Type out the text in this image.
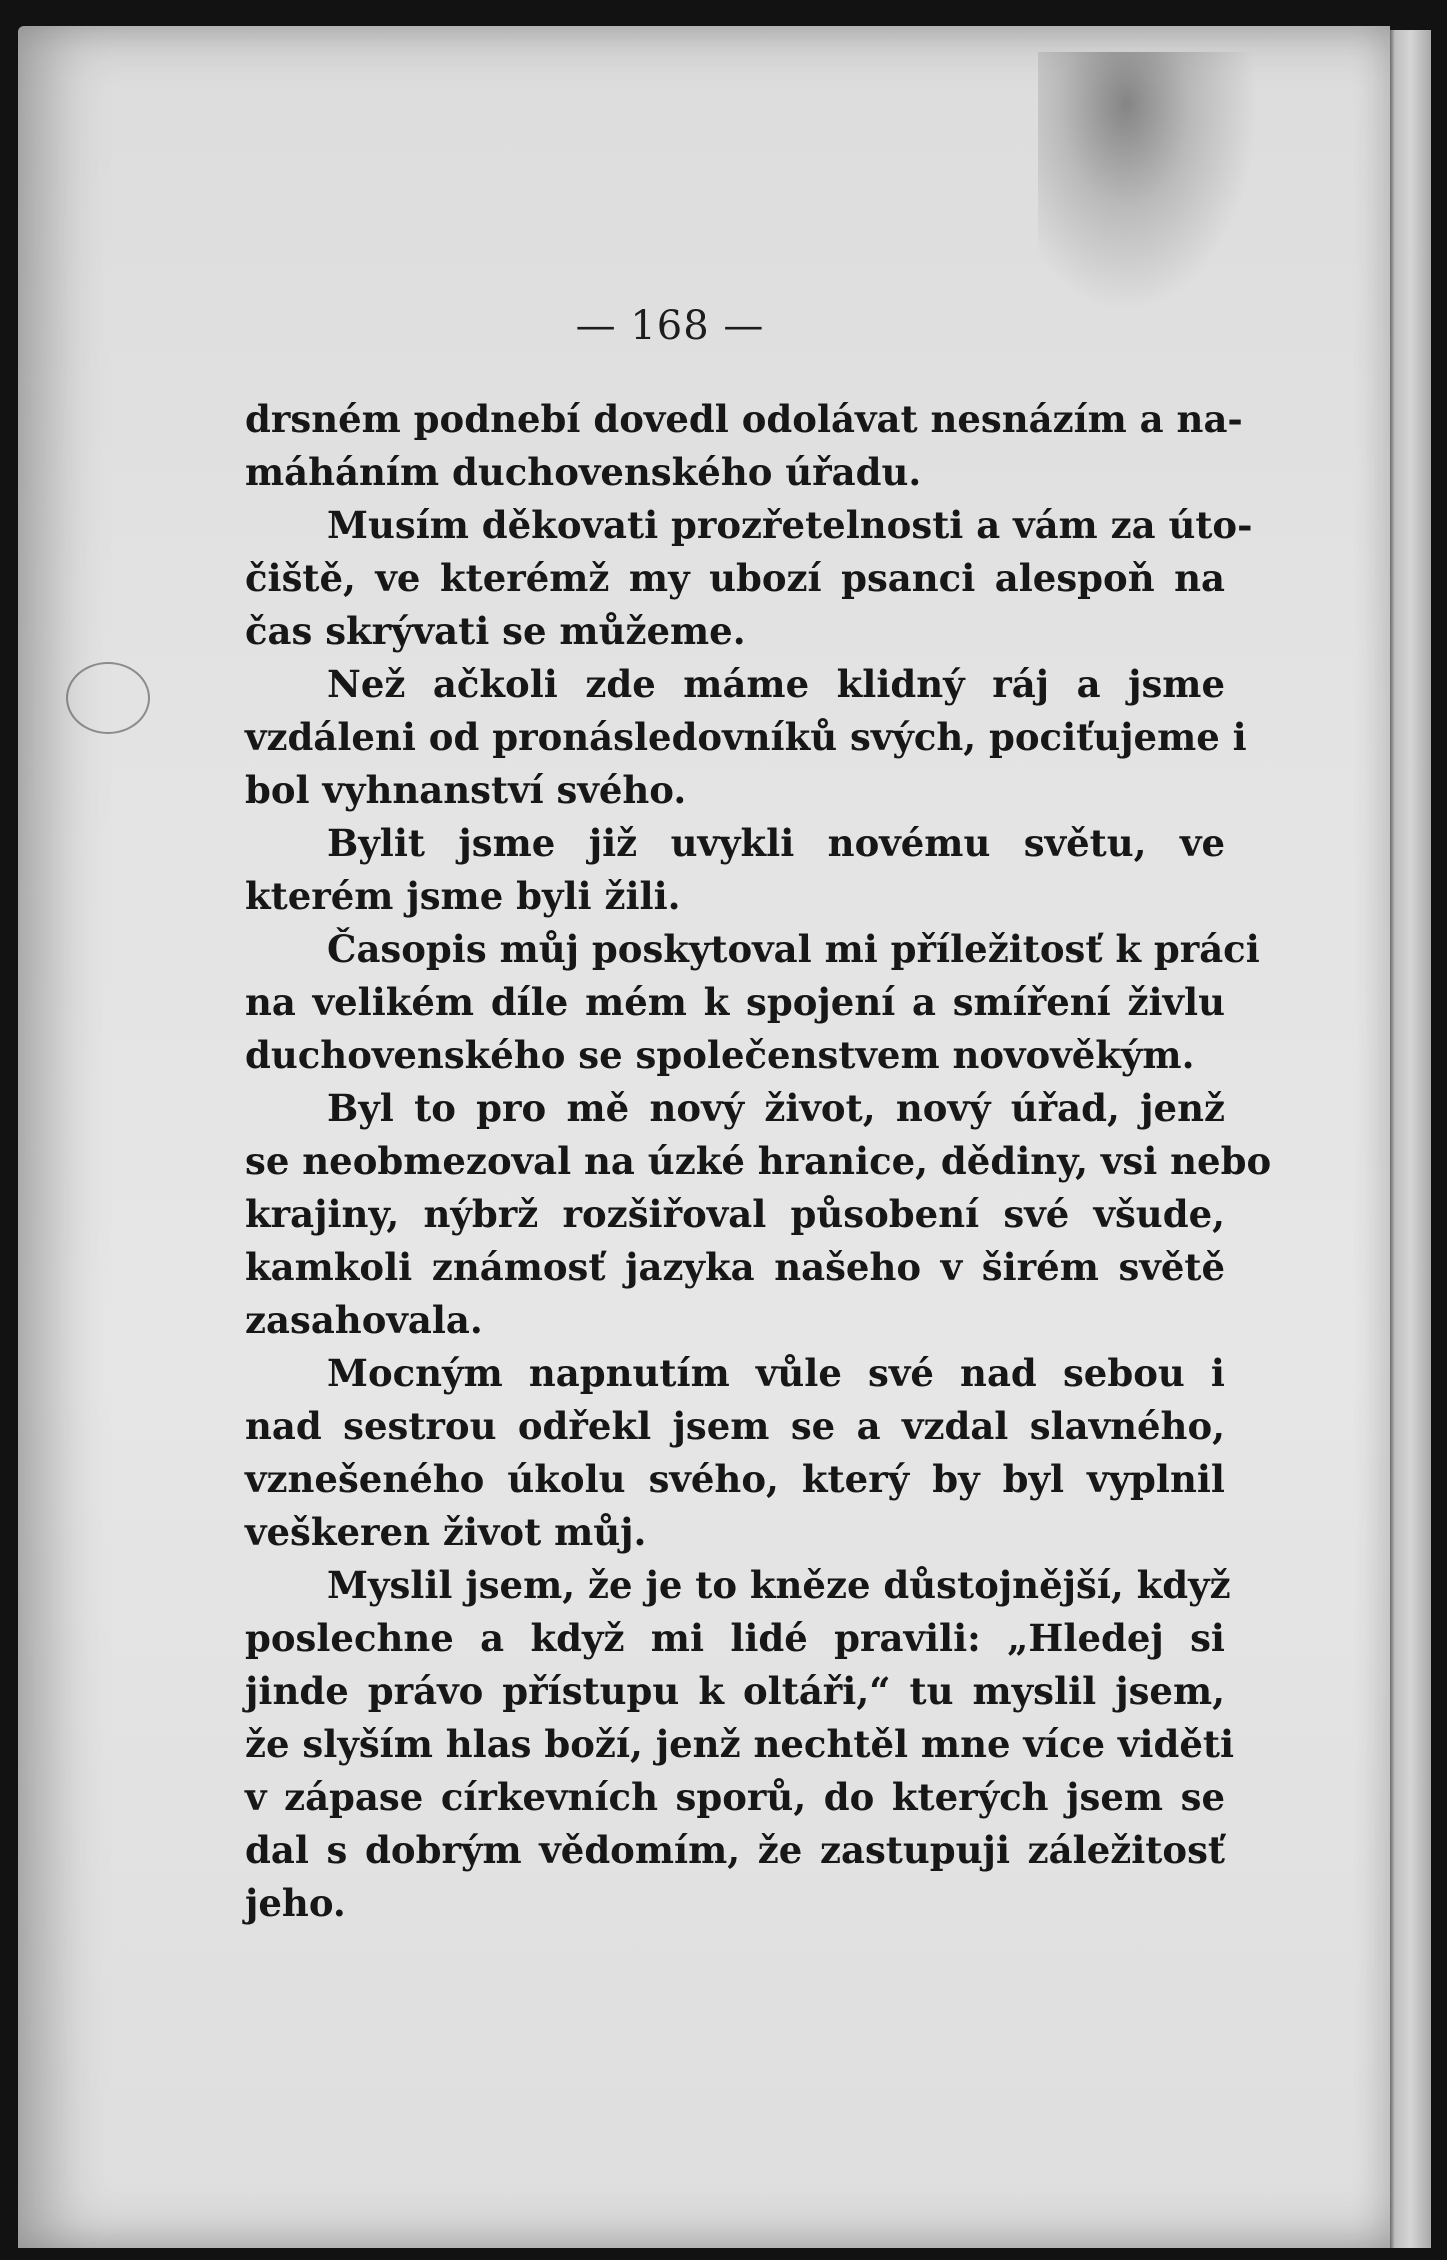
— 168 —
drsném podnebí dovedl odolávat nesnázím a na-
máháním duchovenského úřadu.
Musím děkovati prozřetelnosti a vám za úto-
čiště, ve kterémž my ubozí psanci alespoň na
čas skrývati se můžeme.
Než ačkoli zde máme klidný ráj a jsme
vzdáleni od pronásledovníků svých, pociťujeme i
bol vyhnanství svého.
Bylit jsme již uvykli novému světu, ve
kterém jsme byli žili.
Časopis můj poskytoval mi příležitosť k práci
na velikém díle mém k spojení a smíření živlu
duchovenského se společenstvem novověkým.
Byl to pro mě nový život, nový úřad, jenž
se neobmezoval na úzké hranice, dědiny, vsi nebo
krajiny, nýbrž rozšiřoval působení své všude,
kamkoli známosť jazyka našeho v širém světě
zasahovala.
Mocným napnutím vůle své nad sebou i
nad sestrou odřekl jsem se a vzdal slavného,
vznešeného úkolu svého, který by byl vyplnil
veškeren život můj.
Myslil jsem, že je to kněze důstojnější, když
poslechne a když mi lidé pravili: „Hledej si
jinde právo přístupu k oltáři,“ tu myslil jsem,
že slyším hlas boží, jenž nechtěl mne více viděti
v zápase církevních sporů, do kterých jsem se
dal s dobrým vědomím, že zastupuji záležitosť
jeho.
